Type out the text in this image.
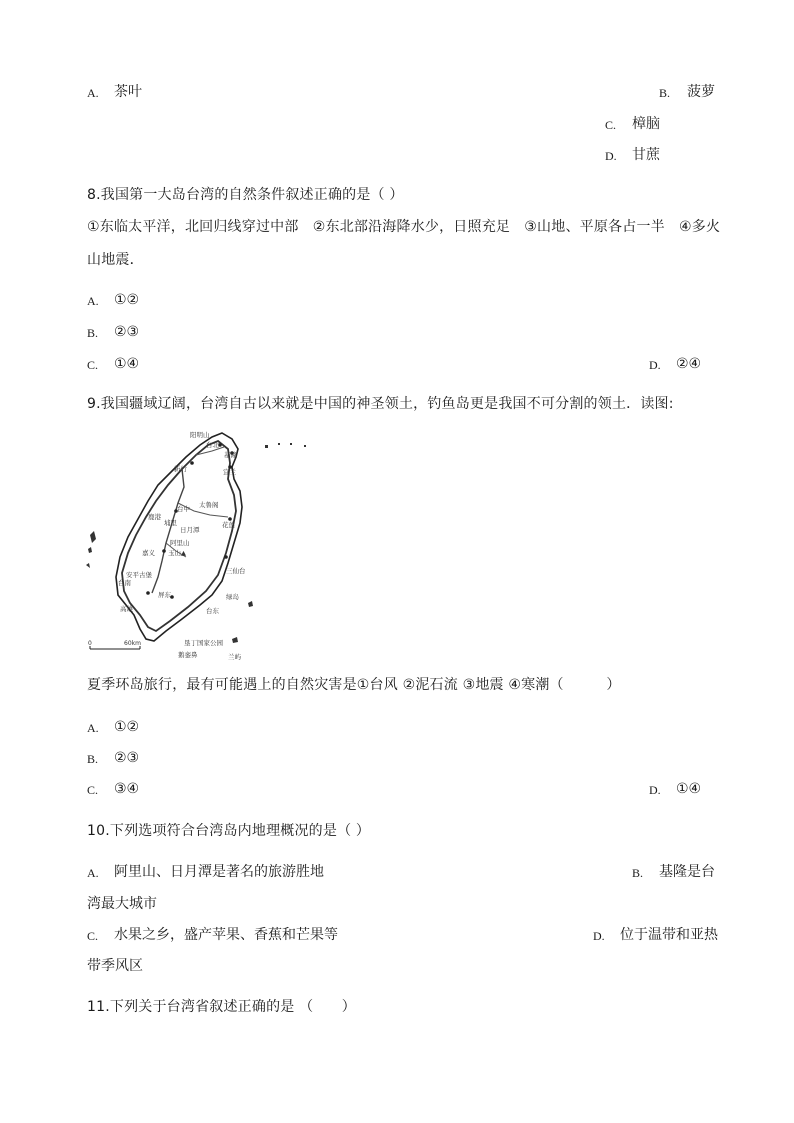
A. 茶叶	B. 菠萝
C. 樟脑
D. 甘蔗
8.我国第一大岛台湾的自然条件叙述正确的是（ ）
①东临太平洋，北回归线穿过中部　②东北部沿海降水少，日照充足　③山地、平原各占一半　④多火
山地震．
A. ①②
B. ②③
C. ①④	D. ②④
9.我国疆域辽阔，台湾自古以来就是中国的神圣领土，钓鱼岛更是我国不可分割的领土．读图:
阳明山
台北
基隆
宜兰
新竹
台中
鹿港
太鲁阁
埔里
日月潭
花莲
阿里山
嘉义 玉山▲
安平古堡
台南
三仙台
高雄
屏东	绿岛
台东
垦丁国家公园
鹅銮鼻	兰屿
0	60km
夏季环岛旅行，最有可能遇上的自然灾害是①台风 ②泥石流 ③地震 ④寒潮（　　　）
A. ①②
B. ②③
C. ③④	D. ①④
10.下列选项符合台湾岛内地理概况的是（ ）
A. 阿里山、日月潭是著名的旅游胜地	B. 基隆是台
湾最大城市
C. 水果之乡，盛产苹果、香蕉和芒果等	D. 位于温带和亚热
带季风区
11.下列关于台湾省叙述正确的是 （　　）
